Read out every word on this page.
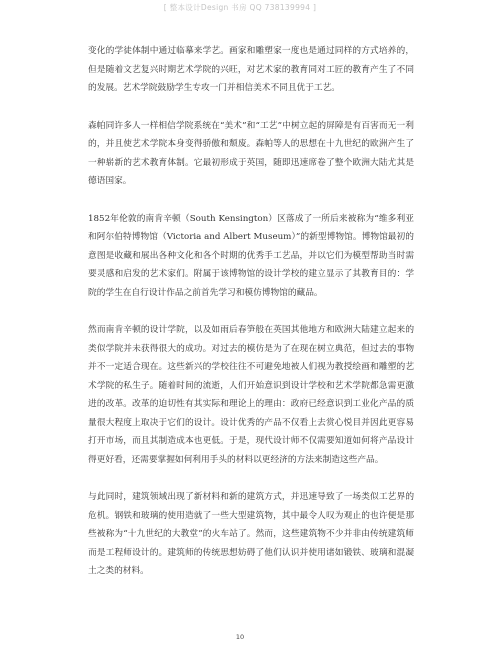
[ 整本设计Design 书房 QQ 738139994 ]

变化的学徒体制中通过临摹来学艺。画家和雕塑家一度也是通过同样的方式培养的，但是随着文艺复兴时期艺术学院的兴旺，对艺术家的教育同对工匠的教育产生了不同的发展。艺术学院鼓励学生专攻一门并相信美术不同且优于工艺。

森帕同许多人一样相信学院系统在“美术”和“工艺”中树立起的屏障是有百害而无一利的，并且使艺术学院本身变得骄傲和颓废。森帕等人的思想在十九世纪的欧洲产生了一种崭新的艺术教育体制。它最初形成于英国，随即迅速席卷了整个欧洲大陆尤其是德语国家。

1852年伦敦的南肯辛顿（South Kensington）区落成了一所后来被称为“维多利亚和阿尔伯特博物馆（Victoria and Albert Museum）”的新型博物馆。博物馆最初的意图是收藏和展出各种文化和各个时期的优秀手工艺品，并以它们为模型帮助当时需要灵感和启发的艺术家们。附属于该博物馆的设计学校的建立显示了其教育目的：学院的学生在自行设计作品之前首先学习和模仿博物馆的藏品。

然而南肯辛顿的设计学院，以及如雨后春笋般在英国其他地方和欧洲大陆建立起来的类似学院并未获得很大的成功。对过去的模仿是为了在现在树立典范，但过去的事物并不一定适合现在。这些新兴的学校往往不可避免地被人们视为教授绘画和雕塑的艺术学院的私生子。随着时间的流逝，人们开始意识到设计学校和艺术学院都急需更激进的改革。改革的迫切性有其实际和理论上的理由：政府已经意识到工业化产品的质量很大程度上取决于它们的设计。设计优秀的产品不仅看上去赏心悦目并因此更容易打开市场，而且其制造成本也更低。于是，现代设计师不仅需要知道如何将产品设计得更好看，还需要掌握如何利用手头的材料以更经济的方法来制造这些产品。

与此同时，建筑领域出现了新材料和新的建筑方式，并迅速导致了一场类似工艺界的危机。钢铁和玻璃的使用造就了一些大型建筑物，其中最令人叹为观止的也许便是那些被称为“十九世纪的大教堂”的火车站了。然而，这些建筑物不少并非由传统建筑师而是工程师设计的。建筑师的传统思想妨碍了他们认识并使用诸如锻铁、玻璃和混凝土之类的材料。

10
